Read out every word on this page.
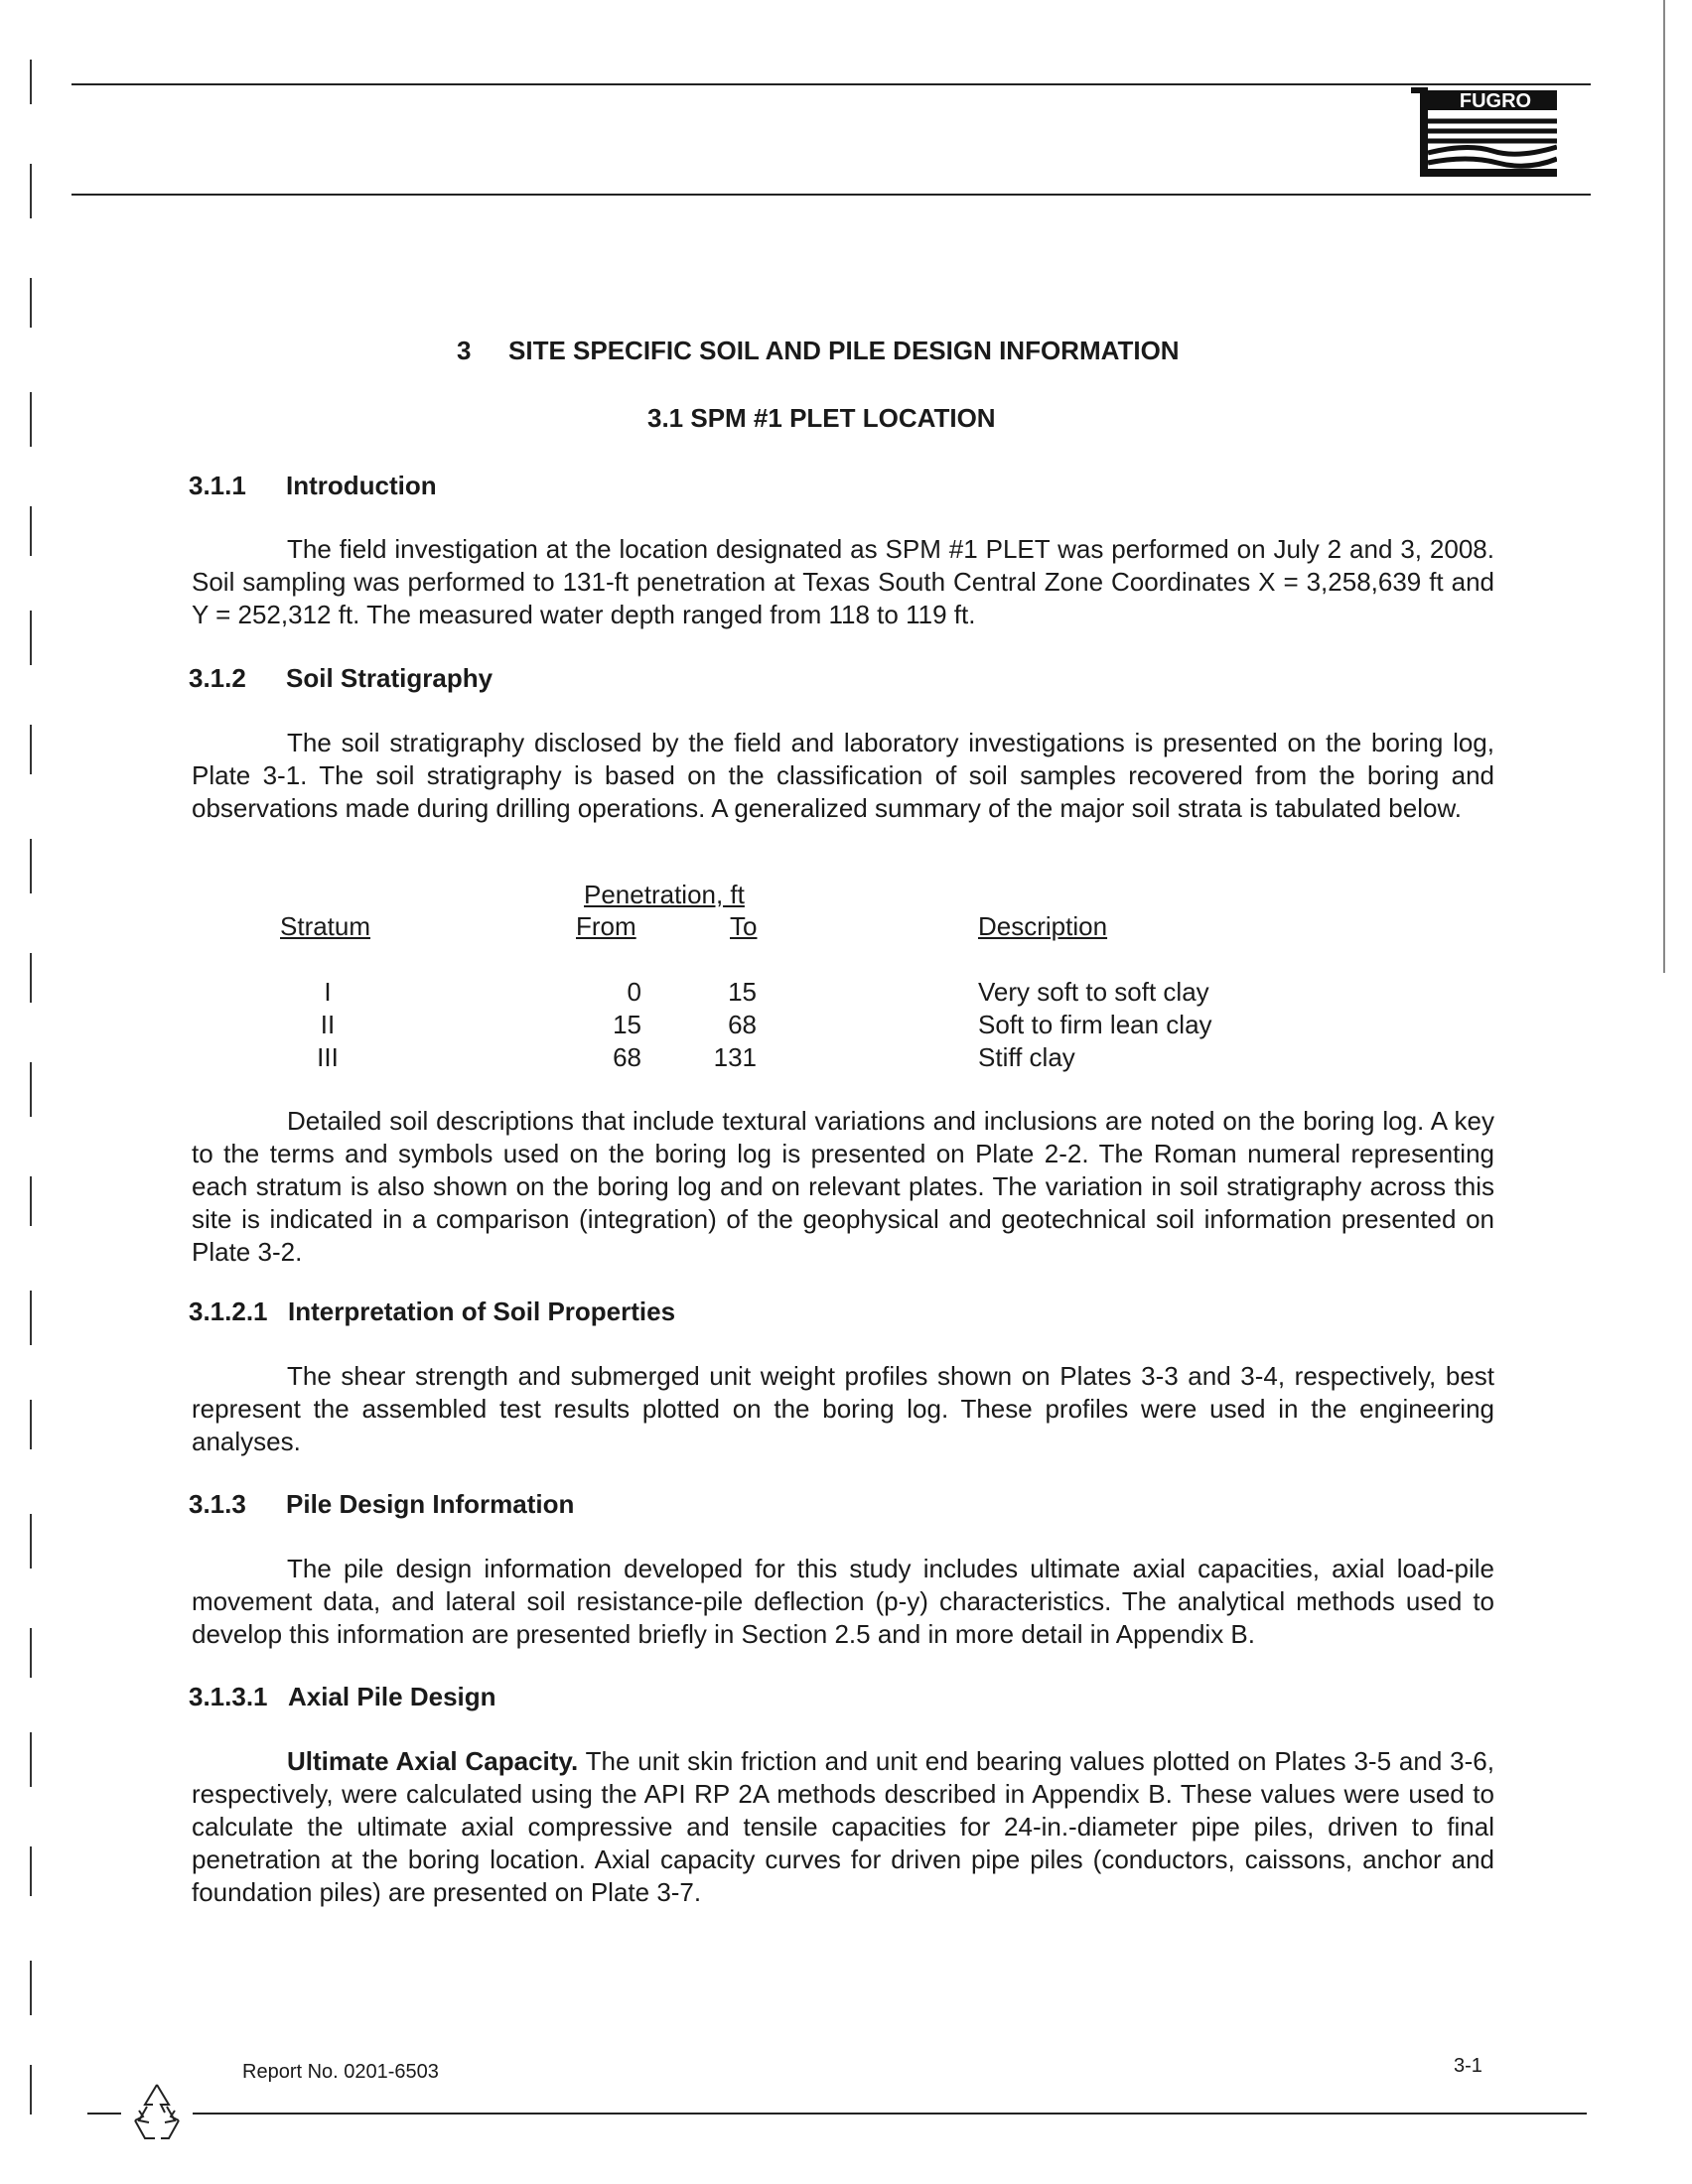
FUGRO
3 SITE SPECIFIC SOIL AND PILE DESIGN INFORMATION
3.1 SPM #1 PLET LOCATION
3.1.1 Introduction

The field investigation at the location designated as SPM #1 PLET was performed on July 2 and 3, 2008. Soil sampling was performed to 131-ft penetration at Texas South Central Zone Coordinates X = 3,258,639 ft and Y = 252,312 ft. The measured water depth ranged from 118 to 119 ft.

3.1.2 Soil Stratigraphy

The soil stratigraphy disclosed by the field and laboratory investigations is presented on the boring log, Plate 3-1. The soil stratigraphy is based on the classification of soil samples recovered from the boring and observations made during drilling operations. A generalized summary of the major soil strata is tabulated below.

Penetration, ft
Stratum	From	To	Description
I	0	15	Very soft to soft clay
II	15	68	Soft to firm lean clay
III	68	131	Stiff clay

Detailed soil descriptions that include textural variations and inclusions are noted on the boring log. A key to the terms and symbols used on the boring log is presented on Plate 2-2. The Roman numeral representing each stratum is also shown on the boring log and on relevant plates. The variation in soil stratigraphy across this site is indicated in a comparison (integration) of the geophysical and geotechnical soil information presented on Plate 3-2.

3.1.2.1 Interpretation of Soil Properties

The shear strength and submerged unit weight profiles shown on Plates 3-3 and 3-4, respectively, best represent the assembled test results plotted on the boring log. These profiles were used in the engineering analyses.

3.1.3 Pile Design Information

The pile design information developed for this study includes ultimate axial capacities, axial load-pile movement data, and lateral soil resistance-pile deflection (p-y) characteristics. The analytical methods used to develop this information are presented briefly in Section 2.5 and in more detail in Appendix B.

3.1.3.1 Axial Pile Design

Ultimate Axial Capacity. The unit skin friction and unit end bearing values plotted on Plates 3-5 and 3-6, respectively, were calculated using the API RP 2A methods described in Appendix B. These values were used to calculate the ultimate axial compressive and tensile capacities for 24-in.-diameter pipe piles, driven to final penetration at the boring location. Axial capacity curves for driven pipe piles (conductors, caissons, anchor and foundation piles) are presented on Plate 3-7.

Report No. 0201-6503	3-1
